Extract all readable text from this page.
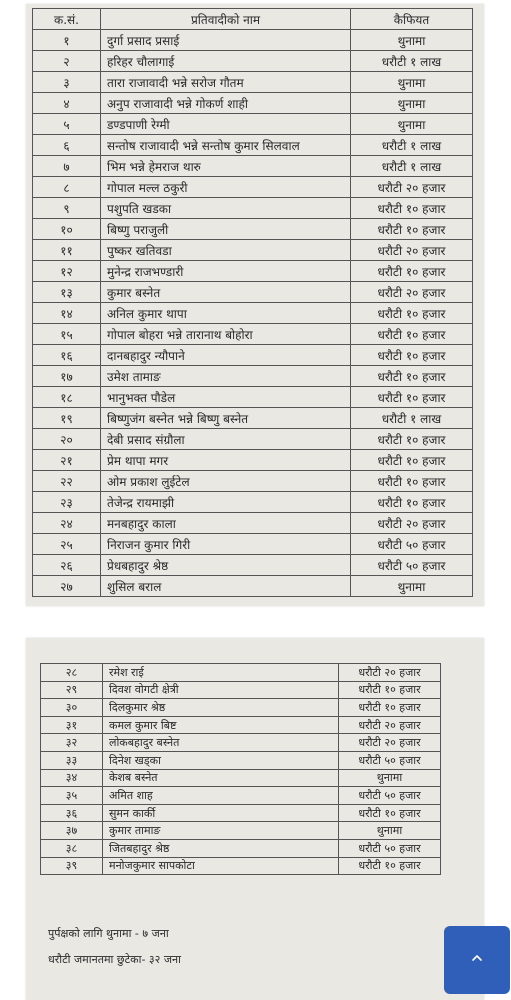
क.सं.	प्रतिवादीको नाम	कैफियत
१	दुर्गा प्रसाद प्रसाई	थुनामा
२	हरिहर चौलागाई	धरौटी १ लाख
३	तारा राजावादी भन्ने सरोज गौतम	थुनामा
४	अनुप राजावादी भन्ने गोकर्ण शाही	थुनामा
५	डण्डपाणी रेग्मी	थुनामा
६	सन्तोष राजावादी भन्ने सन्तोष कुमार सिलवाल	धरौटी १ लाख
७	भिम भन्ने हेमराज थारु	धरौटी १ लाख
८	गोपाल मल्ल ठकुरी	धरौटी २० हजार
९	पशुपति खडका	धरौटी १० हजार
१०	बिष्णु पराजुली	धरौटी १० हजार
११	पुष्कर खतिवडा	धरौटी २० हजार
१२	मुनेन्द्र राजभण्डारी	धरौटी १० हजार
१३	कुमार बस्नेत	धरौटी २० हजार
१४	अनिल कुमार थापा	धरौटी १० हजार
१५	गोपाल बोहरा भन्ने तारानाथ बोहोरा	धरौटी १० हजार
१६	दानबहादुर न्यौपाने	धरौटी १० हजार
१७	उमेश तामाङ	धरौटी १० हजार
१८	भानुभक्त पौडेल	धरौटी १० हजार
१९	बिष्णुजंग बस्नेत भन्ने बिष्णु बस्नेत	धरौटी १ लाख
२०	देबी प्रसाद संग्रौला	धरौटी १० हजार
२१	प्रेम थापा मगर	धरौटी १० हजार
२२	ओम प्रकाश लुईटेल	धरौटी १० हजार
२३	तेजेन्द्र रायमाझी	धरौटी १० हजार
२४	मनबहादुर काला	धरौटी २० हजार
२५	निराजन कुमार गिरी	धरौटी ५० हजार
२६	प्रेधबहादुर श्रेष्ठ	धरौटी ५० हजार
२७	शुसिल बराल	थुनामा
२८	रमेश राई	धरौटी २० हजार
२९	दिवश वोगटी क्षेत्री	धरौटी १० हजार
३०	दिलकुमार श्रेष्ठ	धरौटी १० हजार
३१	कमल कुमार बिष्ट	धरौटी २० हजार
३२	लोकबहादुर बस्नेत	धरौटी २० हजार
३३	दिनेश खड्का	धरौटी ५० हजार
३४	केशब बस्नेत	थुनामा
३५	अमित शाह	धरौटी ५० हजार
३६	सुमन कार्की	धरौटी १० हजार
३७	कुमार तामाङ	थुनामा
३८	जितबहादुर श्रेष्ठ	धरौटी ५० हजार
३९	मनोजकुमार सापकोटा	धरौटी १० हजार
पुर्पक्षको लागि थुनामा - ७ जना
धरौटी जमानतमा छुटेका- ३२ जना
